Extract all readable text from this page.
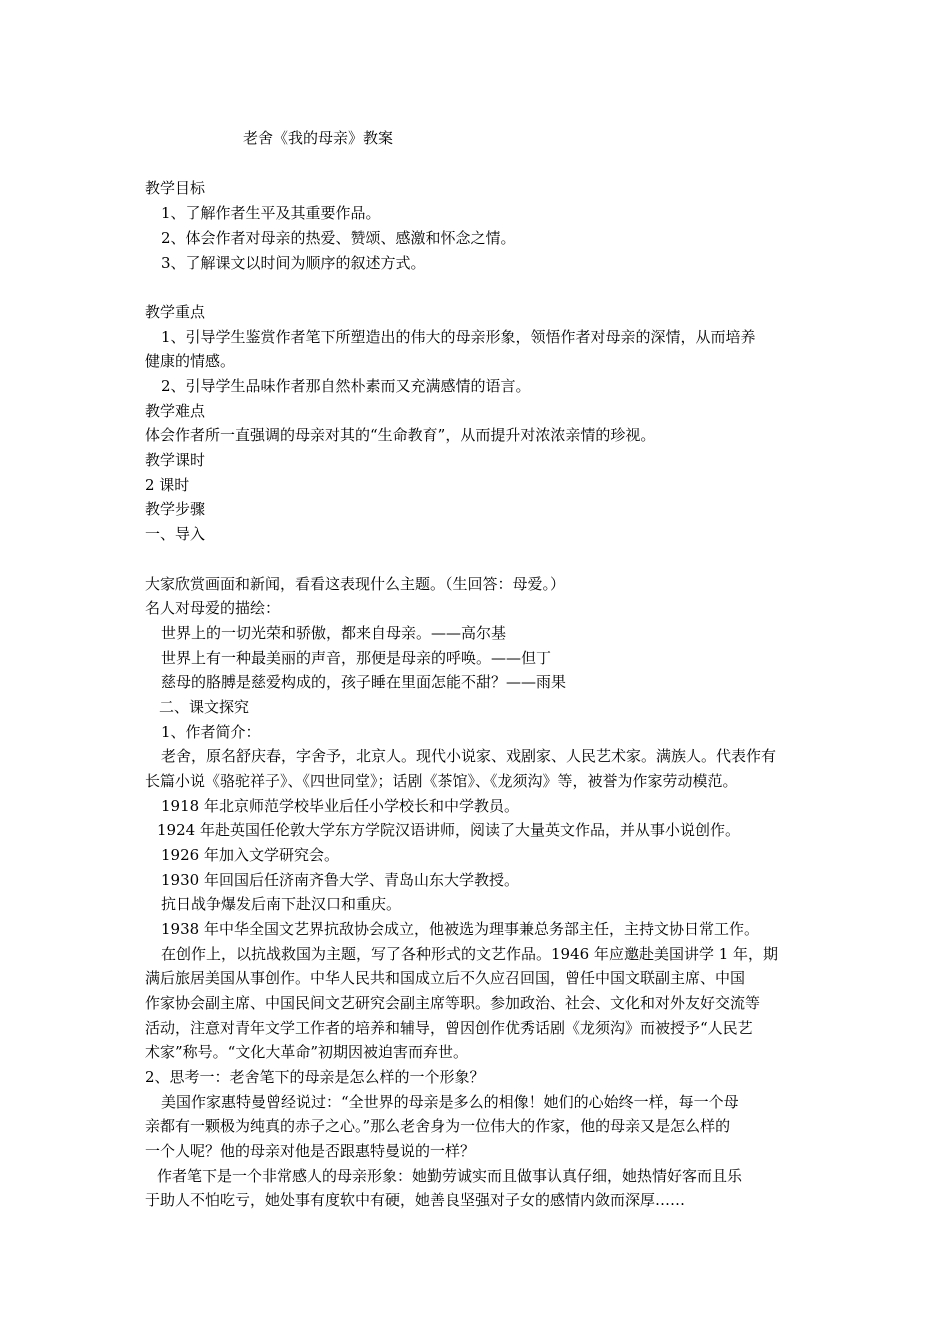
老舍《我的母亲》教案
教学目标
1、了解作者生平及其重要作品。
2、体会作者对母亲的热爱、赞颂、感激和怀念之情。
3、了解课文以时间为顺序的叙述方式。
教学重点
1、引导学生鉴赏作者笔下所塑造出的伟大的母亲形象，领悟作者对母亲的深情，从而培养
健康的情感。
2、引导学生品味作者那自然朴素而又充满感情的语言。
教学难点
体会作者所一直强调的母亲对其的“生命教育”，从而提升对浓浓亲情的珍视。
教学课时
2 课时
教学步骤
一、导入
大家欣赏画面和新闻，看看这表现什么主题。（生回答：母爱。）
名人对母爱的描绘：
世界上的一切光荣和骄傲，都来自母亲。——高尔基
世界上有一种最美丽的声音，那便是母亲的呼唤。——但丁
慈母的胳膊是慈爱构成的，孩子睡在里面怎能不甜？——雨果
二、课文探究
1、作者简介：
老舍，原名舒庆春，字舍予，北京人。现代小说家、戏剧家、人民艺术家。满族人。代表作有
长篇小说《骆驼祥子》、《四世同堂》；话剧《茶馆》、《龙须沟》等，被誉为作家劳动模范。
1918 年北京师范学校毕业后任小学校长和中学教员。
1924 年赴英国任伦敦大学东方学院汉语讲师，阅读了大量英文作品，并从事小说创作。
1926 年加入文学研究会。
1930 年回国后任济南齐鲁大学、青岛山东大学教授。
抗日战争爆发后南下赴汉口和重庆。
1938 年中华全国文艺界抗敌协会成立，他被选为理事兼总务部主任，主持文协日常工作。
在创作上，以抗战救国为主题，写了各种形式的文艺作品。1946 年应邀赴美国讲学 1 年，期
满后旅居美国从事创作。中华人民共和国成立后不久应召回国，曾任中国文联副主席、中国
作家协会副主席、中国民间文艺研究会副主席等职。参加政治、社会、文化和对外友好交流等
活动，注意对青年文学工作者的培养和辅导，曾因创作优秀话剧《龙须沟》而被授予“人民艺
术家”称号。“文化大革命”初期因被迫害而弃世。
2、思考一：老舍笔下的母亲是怎么样的一个形象？
美国作家惠特曼曾经说过：“全世界的母亲是多么的相像！她们的心始终一样，每一个母
亲都有一颗极为纯真的赤子之心。”那么老舍身为一位伟大的作家，他的母亲又是怎么样的
一个人呢？他的母亲对他是否跟惠特曼说的一样？
作者笔下是一个非常感人的母亲形象：她勤劳诚实而且做事认真仔细，她热情好客而且乐
于助人不怕吃亏，她处事有度软中有硬，她善良坚强对子女的感情内敛而深厚……
